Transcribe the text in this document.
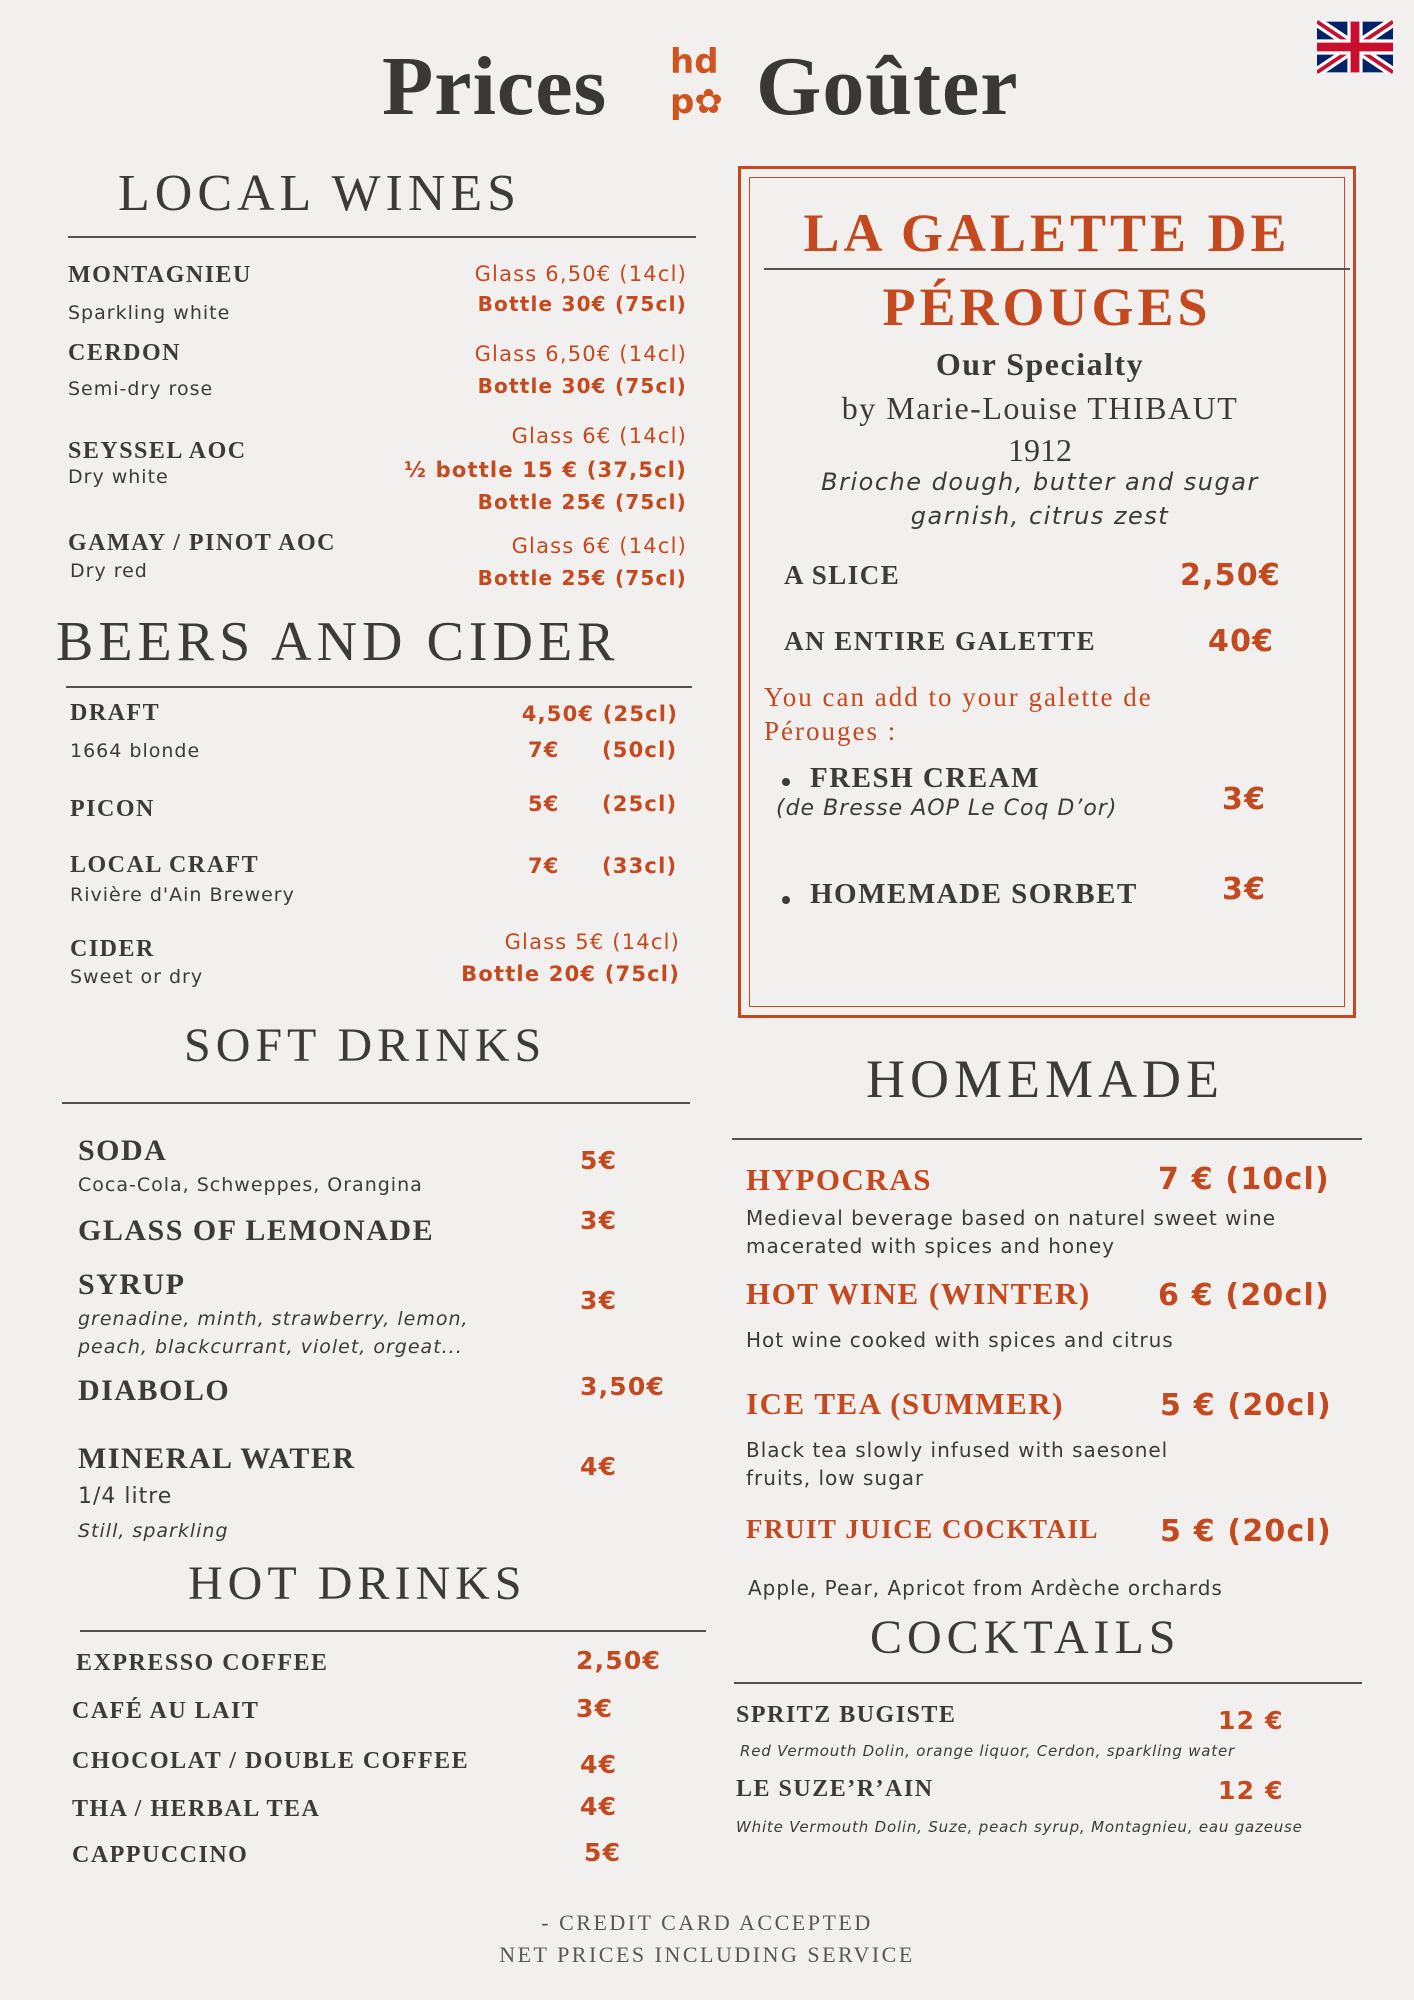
Prices hd
p✿ Goûter
LOCAL WINES
MONTAGNIEU
Sparkling white
Glass 6,50€ (14cl)
Bottle 30€ (75cl)
CERDON
Semi-dry rose
Glass 6,50€ (14cl)
Bottle 30€ (75cl)
SEYSSEL AOC
Dry white
Glass 6€ (14cl)
½ bottle 15 € (37,5cl)
Bottle 25€ (75cl)
GAMAY / PINOT AOC
Dry red
Glass 6€ (14cl)
Bottle 25€ (75cl)
BEERS AND CIDER
DRAFT
1664 blonde
4,50€ (25cl)
7€ (50cl)
PICON	5€ (25cl)
LOCAL CRAFT
Rivière d'Ain Brewery
7€ (33cl)
CIDER
Sweet or dry
Glass 5€ (14cl)
Bottle 20€ (75cl)
SOFT DRINKS
SODA
Coca-Cola, Schweppes, Orangina
5€
GLASS OF LEMONADE	3€
SYRUP
grenadine, minth, strawberry, lemon,
peach, blackcurrant, violet, orgeat...
3€
DIABOLO	3,50€
MINERAL WATER
1/4 litre
Still, sparkling
4€
HOT DRINKS
EXPRESSO COFFEE	2,50€
CAFÉ AU LAIT	3€
CHOCOLAT / DOUBLE COFFEE	4€
THA / HERBAL TEA	4€
CAPPUCCINO	5€
LA GALETTE DE
PÉROUGES
Our Specialty
by Marie-Louise THIBAUT
1912
Brioche dough, butter and sugar
garnish, citrus zest
A SLICE	2,50€
AN ENTIRE GALETTE	40€
You can add to your galette de
Pérouges :
FRESH CREAM
(de Bresse AOP Le Coq D’or)	3€
HOMEMADE SORBET	3€
HOMEMADE
HYPOCRAS	7 € (10cl)
Medieval beverage based on naturel sweet wine
macerated with spices and honey
HOT WINE (WINTER) 6 € (20cl)
Hot wine cooked with spices and citrus
ICE TEA (SUMMER)	5 € (20cl)
Black tea slowly infused with saesonel
fruits, low sugar
FRUIT JUICE COCKTAIL 5 € (20cl)
Apple, Pear, Apricot from Ardèche orchards
COCKTAILS
SPRITZ BUGISTE	12 €
Red Vermouth Dolin, orange liquor, Cerdon, sparkling water
LE SUZE’R’AIN	12 €
White Vermouth Dolin, Suze, peach syrup, Montagnieu, eau gazeuse
- CREDIT CARD ACCEPTED
NET PRICES INCLUDING SERVICE
